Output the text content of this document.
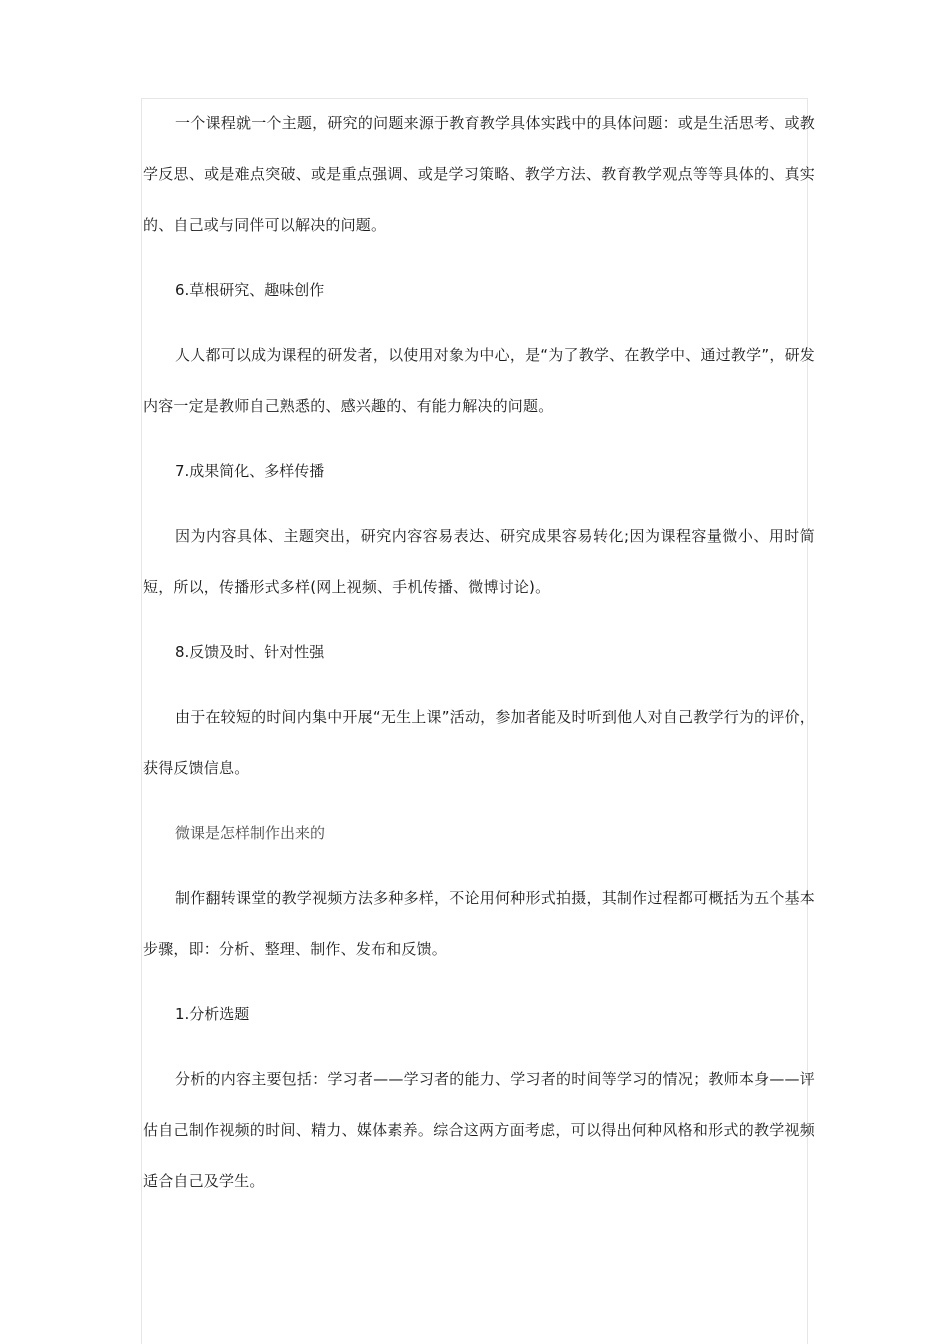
一个课程就一个主题，研究的问题来源于教育教学具体实践中的具体问题：或是生活思考、或教学反思、或是难点突破、或是重点强调、或是学习策略、教学方法、教育教学观点等等具体的、真实的、自己或与同伴可以解决的问题。

6.草根研究、趣味创作

人人都可以成为课程的研发者，以使用对象为中心，是“为了教学、在教学中、通过教学”，研发内容一定是教师自己熟悉的、感兴趣的、有能力解决的问题。

7.成果简化、多样传播

因为内容具体、主题突出，研究内容容易表达、研究成果容易转化;因为课程容量微小、用时简短，所以，传播形式多样(网上视频、手机传播、微博讨论)。

8.反馈及时、针对性强

由于在较短的时间内集中开展“无生上课”活动，参加者能及时听到他人对自己教学行为的评价，获得反馈信息。

微课是怎样制作出来的

制作翻转课堂的教学视频方法多种多样，不论用何种形式拍摄，其制作过程都可概括为五个基本步骤，即：分析、整理、制作、发布和反馈。

1.分析选题

分析的内容主要包括：学习者——学习者的能力、学习者的时间等学习的情况；教师本身——评估自己制作视频的时间、精力、媒体素养。综合这两方面考虑，可以得出何种风格和形式的教学视频适合自己及学生。
